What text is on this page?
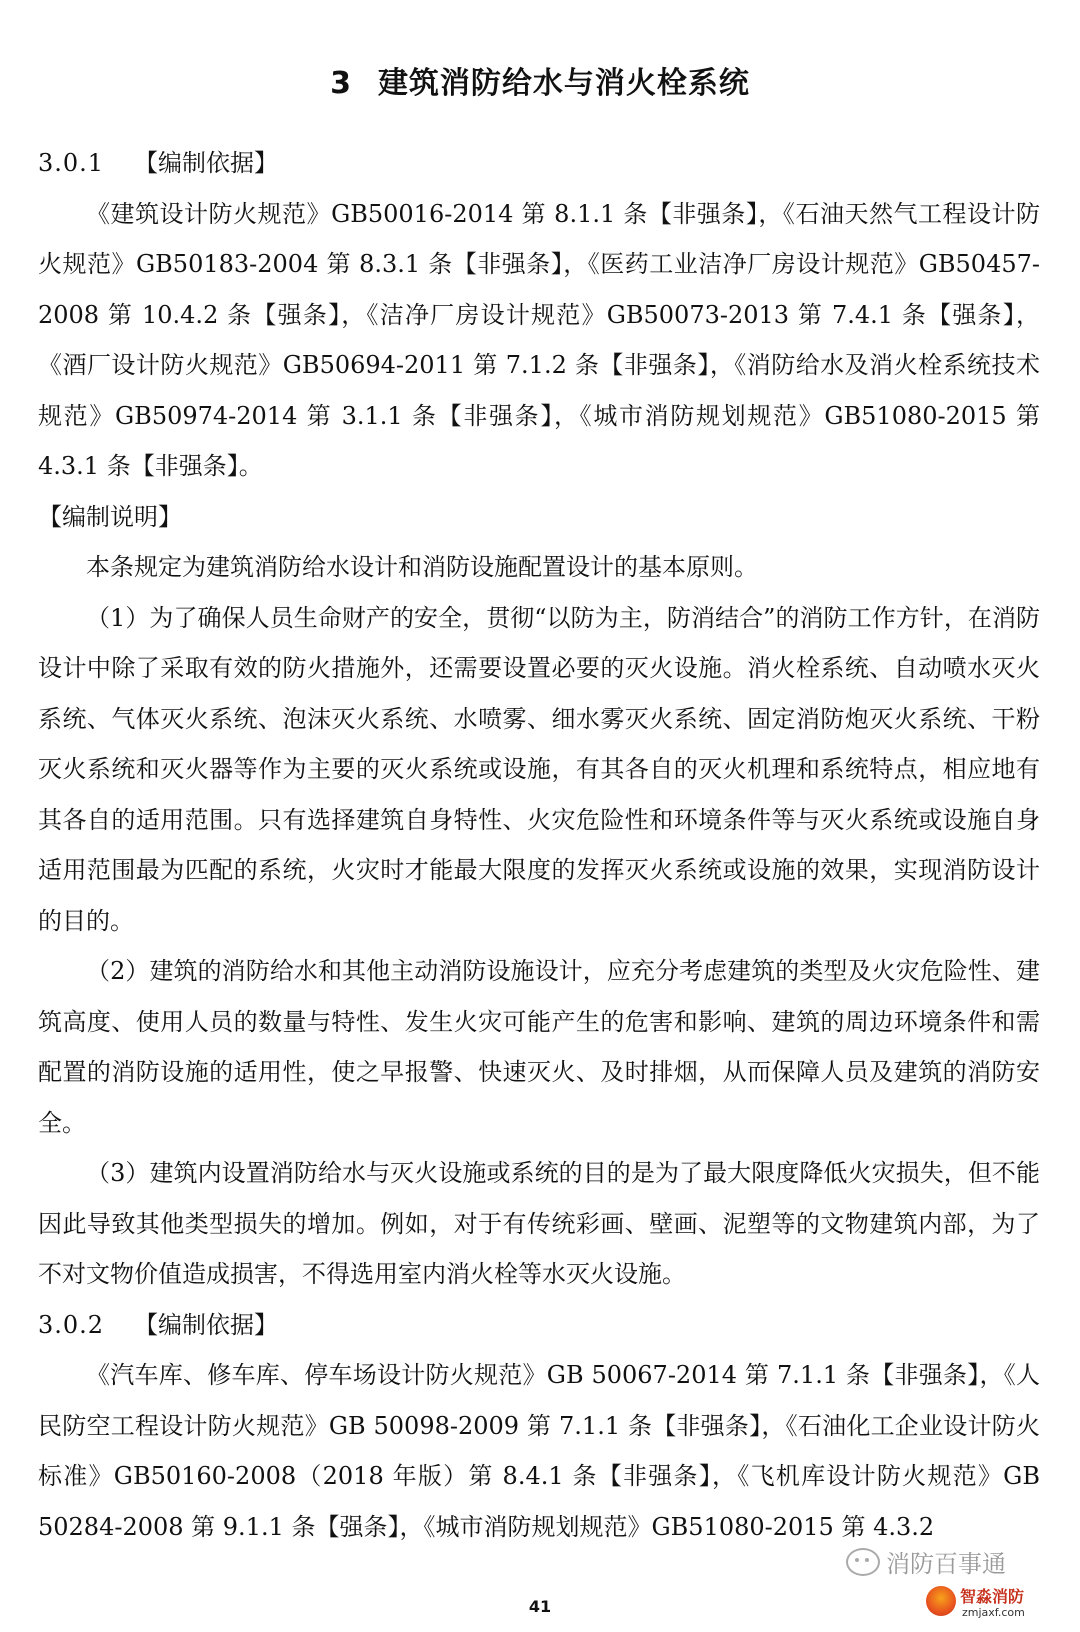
3 建筑消防给水与消火栓系统

3.0.1 【编制依据】

《建筑设计防火规范》GB50016-2014 第 8.1.1 条【非强条】，《石油天然气工程设计防火规范》GB50183-2004 第 8.3.1 条【非强条】，《医药工业洁净厂房设计规范》GB50457-2008 第 10.4.2 条【强条】，《洁净厂房设计规范》GB50073-2013 第 7.4.1 条【强条】，《酒厂设计防火规范》GB50694-2011 第 7.1.2 条【非强条】，《消防给水及消火栓系统技术规范》GB50974-2014 第 3.1.1 条【非强条】，《城市消防规划规范》GB51080-2015 第 4.3.1 条【非强条】。

【编制说明】

本条规定为建筑消防给水设计和消防设施配置设计的基本原则。

（1）为了确保人员生命财产的安全，贯彻“以防为主，防消结合”的消防工作方针，在消防设计中除了采取有效的防火措施外，还需要设置必要的灭火设施。消火栓系统、自动喷水灭火系统、气体灭火系统、泡沫灭火系统、水喷雾、细水雾灭火系统、固定消防炮灭火系统、干粉灭火系统和灭火器等作为主要的灭火系统或设施，有其各自的灭火机理和系统特点，相应地有其各自的适用范围。只有选择建筑自身特性、火灾危险性和环境条件等与灭火系统或设施自身适用范围最为匹配的系统，火灾时才能最大限度的发挥灭火系统或设施的效果，实现消防设计的目的。

（2）建筑的消防给水和其他主动消防设施设计，应充分考虑建筑的类型及火灾危险性、建筑高度、使用人员的数量与特性、发生火灾可能产生的危害和影响、建筑的周边环境条件和需配置的消防设施的适用性，使之早报警、快速灭火、及时排烟，从而保障人员及建筑的消防安全。

（3）建筑内设置消防给水与灭火设施或系统的目的是为了最大限度降低火灾损失，但不能因此导致其他类型损失的增加。例如，对于有传统彩画、壁画、泥塑等的文物建筑内部，为了不对文物价值造成损害，不得选用室内消火栓等水灭火设施。

3.0.2 【编制依据】

《汽车库、修车库、停车场设计防火规范》GB 50067-2014 第 7.1.1 条【非强条】，《人民防空工程设计防火规范》GB 50098-2009 第 7.1.1 条【非强条】，《石油化工企业设计防火标准》GB50160-2008（2018 年版）第 8.4.1 条【非强条】，《飞机库设计防火规范》GB 50284-2008 第 9.1.1 条【强条】，《城市消防规划规范》GB51080-2015 第 4.3.2

消防百事通
41
智淼消防
zmjaxf.com
